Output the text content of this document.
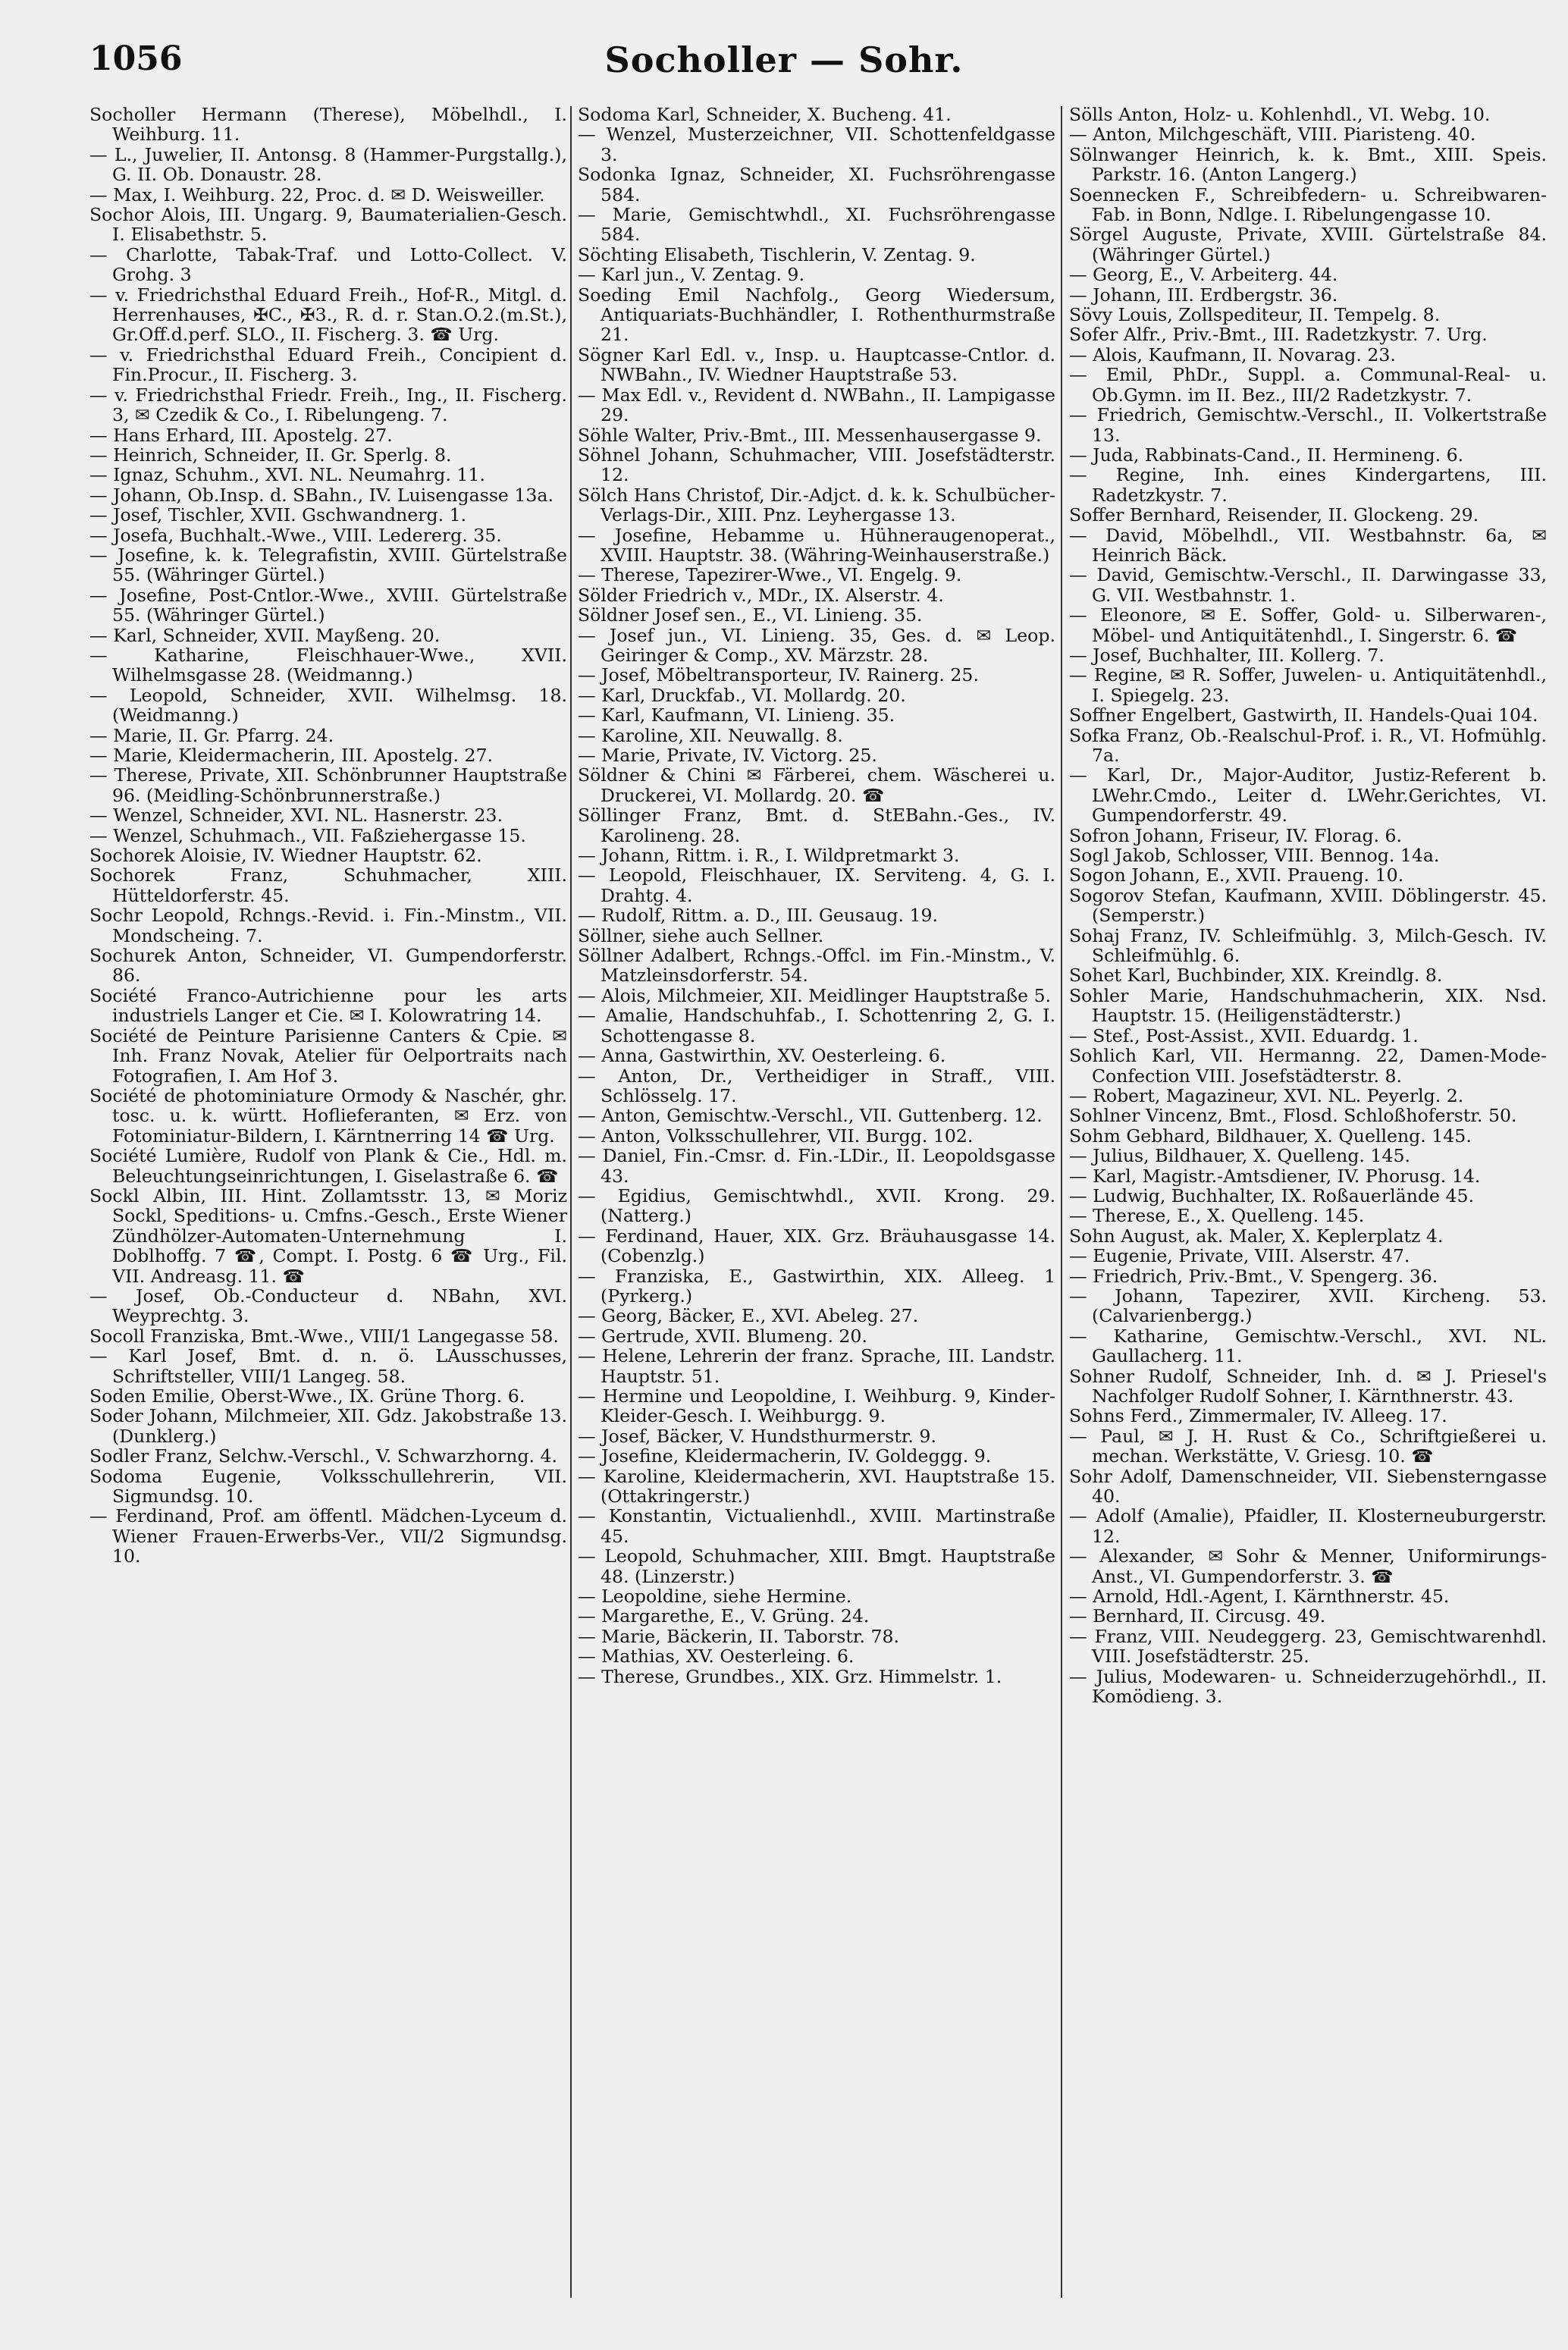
1056	Socholler — Sohr.

Socholler Hermann (Therese), Möbelhdl., I. Weihburg. 11.

— L., Juwelier, II. Antonsg. 8 (Hammer-Purgstallg.), G. II. Ob. Donaustr. 28.

— Max, I. Weihburg. 22, Proc. d. ✉ D. Weisweiller.

Sochor Alois, III. Ungarg. 9, Baumaterialien-Gesch. I. Elisabethstr. 5.

— Charlotte, Tabak-Traf. und Lotto-Collect. V. Grohg. 3

— v. Friedrichsthal Eduard Freih., Hof-R., Mitgl. d. Herrenhauses, ✠C., ✠3., R. d. r. Stan.O.2.(m.St.), Gr.Off.d.perf. SLO., II. Fischerg. 3. ☎ Urg.

— v. Friedrichsthal Eduard Freih., Concipient d. Fin.Procur., II. Fischerg. 3.

— v. Friedrichsthal Friedr. Freih., Ing., II. Fischerg. 3, ✉ Czedik & Co., I. Ribelungeng. 7.

— Hans Erhard, III. Apostelg. 27.

— Heinrich, Schneider, II. Gr. Sperlg. 8.

— Ignaz, Schuhm., XVI. NL. Neumahrg. 11.

— Johann, Ob.Insp. d. SBahn., IV. Luisengasse 13a.

— Josef, Tischler, XVII. Gschwandnerg. 1.

— Josefa, Buchhalt.-Wwe., VIII. Ledererg. 35.

— Josefine, k. k. Telegrafistin, XVIII. Gürtelstraße 55. (Währinger Gürtel.)

— Josefine, Post-Cntlor.-Wwe., XVIII. Gürtelstraße 55. (Währinger Gürtel.)

— Karl, Schneider, XVII. Mayßeng. 20.

— Katharine, Fleischhauer-Wwe., XVII. Wilhelmsgasse 28. (Weidmanng.)

— Leopold, Schneider, XVII. Wilhelmsg. 18. (Weidmanng.)

— Marie, II. Gr. Pfarrg. 24.

— Marie, Kleidermacherin, III. Apostelg. 27.

— Therese, Private, XII. Schönbrunner Hauptstraße 96. (Meidling-Schönbrunnerstraße.)

— Wenzel, Schneider, XVI. NL. Hasnerstr. 23.

— Wenzel, Schuhmach., VII. Faßziehergasse 15.

Sochorek Aloisie, IV. Wiedner Hauptstr. 62.

Sochorek Franz, Schuhmacher, XIII. Hütteldorferstr. 45.

Sochr Leopold, Rchngs.-Revid. i. Fin.-Minstm., VII. Mondscheing. 7.

Sochurek Anton, Schneider, VI. Gumpendorferstr. 86.

Société Franco-Autrichienne pour les arts industriels Langer et Cie. ✉ I. Kolowratring 14.

Société de Peinture Parisienne Canters & Cpie. ✉ Inh. Franz Novak, Atelier für Oelportraits nach Fotografien, I. Am Hof 3.

Société de photominiature Ormody & Naschér, ghr. tosc. u. k. württ. Hoflieferanten, ✉ Erz. von Fotominiatur-Bildern, I. Kärntnerring 14 ☎ Urg.

Société Lumière, Rudolf von Plank & Cie., Hdl. m. Beleuchtungseinrichtungen, I. Giselastraße 6. ☎

Sockl Albin, III. Hint. Zollamtsstr. 13, ✉ Moriz Sockl, Speditions- u. Cmfns.-Gesch., Erste Wiener Zündhölzer-Automaten-Unternehmung I. Doblhoffg. 7 ☎, Compt. I. Postg. 6 ☎ Urg., Fil. VII. Andreasg. 11. ☎

— Josef, Ob.-Conducteur d. NBahn, XVI. Weyprechtg. 3.

Socoll Franziska, Bmt.-Wwe., VIII/1 Langegasse 58.

— Karl Josef, Bmt. d. n. ö. LAusschusses, Schriftsteller, VIII/1 Langeg. 58.

Soden Emilie, Oberst-Wwe., IX. Grüne Thorg. 6.

Soder Johann, Milchmeier, XII. Gdz. Jakobstraße 13. (Dunklerg.)

Sodler Franz, Selchw.-Verschl., V. Schwarzhorng. 4.

Sodoma Eugenie, Volksschullehrerin, VII. Sigmundsg. 10.

— Ferdinand, Prof. am öffentl. Mädchen-Lyceum d. Wiener Frauen-Erwerbs-Ver., VII/2 Sigmundsg. 10.

Sodoma Karl, Schneider, X. Bucheng. 41.

— Wenzel, Musterzeichner, VII. Schottenfeldgasse 3.

Sodonka Ignaz, Schneider, XI. Fuchsröhrengasse 584.

— Marie, Gemischtwhdl., XI. Fuchsröhrengasse 584.

Söchting Elisabeth, Tischlerin, V. Zentag. 9.

— Karl jun., V. Zentag. 9.

Soeding Emil Nachfolg., Georg Wiedersum, Antiquariats-Buchhändler, I. Rothenthurmstraße 21.

Sögner Karl Edl. v., Insp. u. Hauptcasse-Cntlor. d. NWBahn., IV. Wiedner Hauptstraße 53.

— Max Edl. v., Revident d. NWBahn., II. Lampigasse 29.

Söhle Walter, Priv.-Bmt., III. Messenhausergasse 9.

Söhnel Johann, Schuhmacher, VIII. Josefstädterstr. 12.

Sölch Hans Christof, Dir.-Adjct. d. k. k. Schulbücher-Verlags-Dir., XIII. Pnz. Leyhergasse 13.

— Josefine, Hebamme u. Hühneraugenoperat., XVIII. Hauptstr. 38. (Währing-Weinhauserstraße.)

— Therese, Tapezirer-Wwe., VI. Engelg. 9.

Sölder Friedrich v., MDr., IX. Alserstr. 4.

Söldner Josef sen., E., VI. Linieng. 35.

— Josef jun., VI. Linieng. 35, Ges. d. ✉ Leop. Geiringer & Comp., XV. Märzstr. 28.

— Josef, Möbeltransporteur, IV. Rainerg. 25.

— Karl, Druckfab., VI. Mollardg. 20.

— Karl, Kaufmann, VI. Linieng. 35.

— Karoline, XII. Neuwallg. 8.

— Marie, Private, IV. Victorg. 25.

Söldner & Chini ✉ Färberei, chem. Wäscherei u. Druckerei, VI. Mollardg. 20. ☎

Söllinger Franz, Bmt. d. StEBahn.-Ges., IV. Karolineng. 28.

— Johann, Rittm. i. R., I. Wildpretmarkt 3.

— Leopold, Fleischhauer, IX. Serviteng. 4, G. I. Drahtg. 4.

— Rudolf, Rittm. a. D., III. Geusaug. 19.

Söllner, siehe auch Sellner.

Söllner Adalbert, Rchngs.-Offcl. im Fin.-Minstm., V. Matzleinsdorferstr. 54.

— Alois, Milchmeier, XII. Meidlinger Hauptstraße 5.

— Amalie, Handschuhfab., I. Schottenring 2, G. I. Schottengasse 8.

— Anna, Gastwirthin, XV. Oesterleing. 6.

— Anton, Dr., Vertheidiger in Straff., VIII. Schlösselg. 17.

— Anton, Gemischtw.-Verschl., VII. Guttenberg. 12.

— Anton, Volksschullehrer, VII. Burgg. 102.

— Daniel, Fin.-Cmsr. d. Fin.-LDir., II. Leopoldsgasse 43.

— Egidius, Gemischtwhdl., XVII. Krong. 29. (Natterg.)

— Ferdinand, Hauer, XIX. Grz. Bräuhausgasse 14. (Cobenzlg.)

— Franziska, E., Gastwirthin, XIX. Alleeg. 1 (Pyrkerg.)

— Georg, Bäcker, E., XVI. Abeleg. 27.

— Gertrude, XVII. Blumeng. 20.

— Helene, Lehrerin der franz. Sprache, III. Landstr. Hauptstr. 51.

— Hermine und Leopoldine, I. Weihburg. 9, Kinder-Kleider-Gesch. I. Weihburgg. 9.

— Josef, Bäcker, V. Hundsthurmerstr. 9.

— Josefine, Kleidermacherin, IV. Goldeggg. 9.

— Karoline, Kleidermacherin, XVI. Hauptstraße 15. (Ottakringerstr.)

— Konstantin, Victualienhdl., XVIII. Martinstraße 45.

— Leopold, Schuhmacher, XIII. Bmgt. Hauptstraße 48. (Linzerstr.)

— Leopoldine, siehe Hermine.

— Margarethe, E., V. Grüng. 24.

— Marie, Bäckerin, II. Taborstr. 78.

— Mathias, XV. Oesterleing. 6.

— Therese, Grundbes., XIX. Grz. Himmelstr. 1.

Sölls Anton, Holz- u. Kohlenhdl., VI. Webg. 10.

— Anton, Milchgeschäft, VIII. Piaristeng. 40.

Sölnwanger Heinrich, k. k. Bmt., XIII. Speis. Parkstr. 16. (Anton Langerg.)

Soennecken F., Schreibfedern- u. Schreibwaren-Fab. in Bonn, Ndlge. I. Ribelungengasse 10.

Sörgel Auguste, Private, XVIII. Gürtelstraße 84. (Währinger Gürtel.)

— Georg, E., V. Arbeiterg. 44.

— Johann, III. Erdbergstr. 36.

Sövy Louis, Zollspediteur, II. Tempelg. 8.

Sofer Alfr., Priv.-Bmt., III. Radetzkystr. 7. Urg.

— Alois, Kaufmann, II. Novarag. 23.

— Emil, PhDr., Suppl. a. Communal-Real- u. Ob.Gymn. im II. Bez., III/2 Radetzkystr. 7.

— Friedrich, Gemischtw.-Verschl., II. Volkertstraße 13.

— Juda, Rabbinats-Cand., II. Hermineng. 6.

— Regine, Inh. eines Kindergartens, III. Radetzkystr. 7.

Soffer Bernhard, Reisender, II. Glockeng. 29.

— David, Möbelhdl., VII. Westbahnstr. 6a, ✉ Heinrich Bäck.

— David, Gemischtw.-Verschl., II. Darwingasse 33, G. VII. Westbahnstr. 1.

— Eleonore, ✉ E. Soffer, Gold- u. Silberwaren-, Möbel- und Antiquitätenhdl., I. Singerstr. 6. ☎

— Josef, Buchhalter, III. Kollerg. 7.

— Regine, ✉ R. Soffer, Juwelen- u. Antiquitätenhdl., I. Spiegelg. 23.

Soffner Engelbert, Gastwirth, II. Handels-Quai 104.

Sofka Franz, Ob.-Realschul-Prof. i. R., VI. Hofmühlg. 7a.

— Karl, Dr., Major-Auditor, Justiz-Referent b. LWehr.Cmdo., Leiter d. LWehr.Gerichtes, VI. Gumpendorferstr. 49.

Sofron Johann, Friseur, IV. Florag. 6.

Sogl Jakob, Schlosser, VIII. Bennog. 14a.

Sogon Johann, E., XVII. Praueng. 10.

Sogorov Stefan, Kaufmann, XVIII. Döblingerstr. 45. (Semperstr.)

Sohaj Franz, IV. Schleifmühlg. 3, Milch-Gesch. IV. Schleifmühlg. 6.

Sohet Karl, Buchbinder, XIX. Kreindlg. 8.

Sohler Marie, Handschuhmacherin, XIX. Nsd. Hauptstr. 15. (Heiligenstädterstr.)

— Stef., Post-Assist., XVII. Eduardg. 1.

Sohlich Karl, VII. Hermanng. 22, Damen-Mode-Confection VIII. Josefstädterstr. 8.

— Robert, Magazineur, XVI. NL. Peyerlg. 2.

Sohlner Vincenz, Bmt., Flosd. Schloßhoferstr. 50.

Sohm Gebhard, Bildhauer, X. Quelleng. 145.

— Julius, Bildhauer, X. Quelleng. 145.

— Karl, Magistr.-Amtsdiener, IV. Phorusg. 14.

— Ludwig, Buchhalter, IX. Roßauerlände 45.

— Therese, E., X. Quelleng. 145.

Sohn August, ak. Maler, X. Keplerplatz 4.

— Eugenie, Private, VIII. Alserstr. 47.

— Friedrich, Priv.-Bmt., V. Spengerg. 36.

— Johann, Tapezirer, XVII. Kircheng. 53. (Calvarienbergg.)

— Katharine, Gemischtw.-Verschl., XVI. NL. Gaullacherg. 11.

Sohner Rudolf, Schneider, Inh. d. ✉ J. Priesel's Nachfolger Rudolf Sohner, I. Kärnthnerstr. 43.

Sohns Ferd., Zimmermaler, IV. Alleeg. 17.

— Paul, ✉ J. H. Rust & Co., Schriftgießerei u. mechan. Werkstätte, V. Griesg. 10. ☎

Sohr Adolf, Damenschneider, VII. Siebensterngasse 40.

— Adolf (Amalie), Pfaidler, II. Klosterneuburgerstr. 12.

— Alexander, ✉ Sohr & Menner, Uniformirungs-Anst., VI. Gumpendorferstr. 3. ☎

— Arnold, Hdl.-Agent, I. Kärnthnerstr. 45.

— Bernhard, II. Circusg. 49.

— Franz, VIII. Neudeggerg. 23, Gemischtwarenhdl. VIII. Josefstädterstr. 25.

— Julius, Modewaren- u. Schneiderzugehörhdl., II. Komödieng. 3.
